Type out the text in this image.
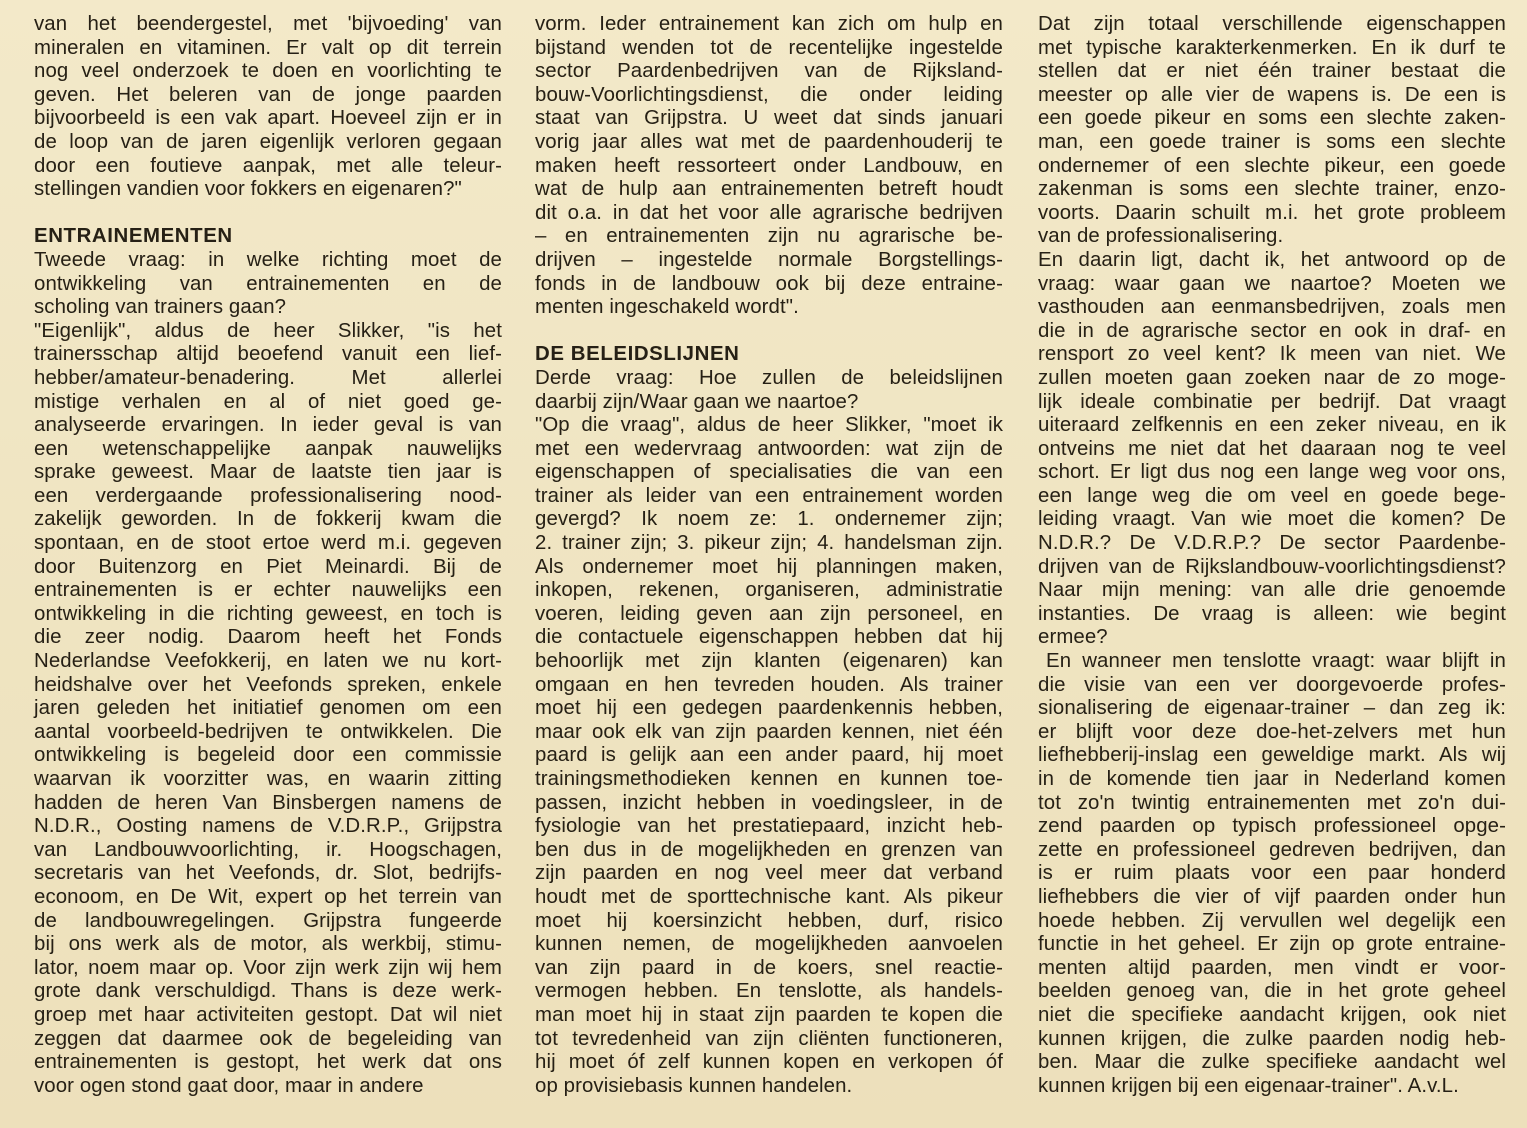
van het beendergestel, met 'bijvoeding' van
mineralen en vitaminen. Er valt op dit terrein
nog veel onderzoek te doen en voorlichting te
geven. Het beleren van de jonge paarden
bijvoorbeeld is een vak apart. Hoeveel zijn er in
de loop van de jaren eigenlijk verloren gegaan
door een foutieve aanpak, met alle teleur-
stellingen vandien voor fokkers en eigenaren?"
ENTRAINEMENTEN
Tweede vraag: in welke richting moet de
ontwikkeling van entrainementen en de
scholing van trainers gaan?
"Eigenlijk", aldus de heer Slikker, "is het
trainersschap altijd beoefend vanuit een lief-
hebber/amateur-benadering. Met allerlei
mistige verhalen en al of niet goed ge-
analyseerde ervaringen. In ieder geval is van
een wetenschappelijke aanpak nauwelijks
sprake geweest. Maar de laatste tien jaar is
een verdergaande professionalisering nood-
zakelijk geworden. In de fokkerij kwam die
spontaan, en de stoot ertoe werd m.i. gegeven
door Buitenzorg en Piet Meinardi. Bij de
entrainementen is er echter nauwelijks een
ontwikkeling in die richting geweest, en toch is
die zeer nodig. Daarom heeft het Fonds
Nederlandse Veefokkerij, en laten we nu kort-
heidshalve over het Veefonds spreken, enkele
jaren geleden het initiatief genomen om een
aantal voorbeeld-bedrijven te ontwikkelen. Die
ontwikkeling is begeleid door een commissie
waarvan ik voorzitter was, en waarin zitting
hadden de heren Van Binsbergen namens de
N.D.R., Oosting namens de V.D.R.P., Grijpstra
van Landbouwvoorlichting, ir. Hoogschagen,
secretaris van het Veefonds, dr. Slot, bedrijfs-
econoom, en De Wit, expert op het terrein van
de landbouwregelingen. Grijpstra fungeerde
bij ons werk als de motor, als werkbij, stimu-
lator, noem maar op. Voor zijn werk zijn wij hem
grote dank verschuldigd. Thans is deze werk-
groep met haar activiteiten gestopt. Dat wil niet
zeggen dat daarmee ook de begeleiding van
entrainementen is gestopt, het werk dat ons
voor ogen stond gaat door, maar in andere
vorm. Ieder entrainement kan zich om hulp en
bijstand wenden tot de recentelijke ingestelde
sector Paardenbedrijven van de Rijksland-
bouw-Voorlichtingsdienst, die onder leiding
staat van Grijpstra. U weet dat sinds januari
vorig jaar alles wat met de paardenhouderij te
maken heeft ressorteert onder Landbouw, en
wat de hulp aan entrainementen betreft houdt
dit o.a. in dat het voor alle agrarische bedrijven
– en entrainementen zijn nu agrarische be-
drijven – ingestelde normale Borgstellings-
fonds in de landbouw ook bij deze entraine-
menten ingeschakeld wordt".
DE BELEIDSLIJNEN
Derde vraag: Hoe zullen de beleidslijnen
daarbij zijn/Waar gaan we naartoe?
"Op die vraag", aldus de heer Slikker, "moet ik
met een wedervraag antwoorden: wat zijn de
eigenschappen of specialisaties die van een
trainer als leider van een entrainement worden
gevergd? Ik noem ze: 1. ondernemer zijn;
2. trainer zijn; 3. pikeur zijn; 4. handelsman zijn.
Als ondernemer moet hij planningen maken,
inkopen, rekenen, organiseren, administratie
voeren, leiding geven aan zijn personeel, en
die contactuele eigenschappen hebben dat hij
behoorlijk met zijn klanten (eigenaren) kan
omgaan en hen tevreden houden. Als trainer
moet hij een gedegen paardenkennis hebben,
maar ook elk van zijn paarden kennen, niet één
paard is gelijk aan een ander paard, hij moet
trainingsmethodieken kennen en kunnen toe-
passen, inzicht hebben in voedingsleer, in de
fysiologie van het prestatiepaard, inzicht heb-
ben dus in de mogelijkheden en grenzen van
zijn paarden en nog veel meer dat verband
houdt met de sporttechnische kant. Als pikeur
moet hij koersinzicht hebben, durf, risico
kunnen nemen, de mogelijkheden aanvoelen
van zijn paard in de koers, snel reactie-
vermogen hebben. En tenslotte, als handels-
man moet hij in staat zijn paarden te kopen die
tot tevredenheid van zijn cliënten functioneren,
hij moet óf zelf kunnen kopen en verkopen óf
op provisiebasis kunnen handelen.
Dat zijn totaal verschillende eigenschappen
met typische karakterkenmerken. En ik durf te
stellen dat er niet één trainer bestaat die
meester op alle vier de wapens is. De een is
een goede pikeur en soms een slechte zaken-
man, een goede trainer is soms een slechte
ondernemer of een slechte pikeur, een goede
zakenman is soms een slechte trainer, enzo-
voorts. Daarin schuilt m.i. het grote probleem
van de professionalisering.
En daarin ligt, dacht ik, het antwoord op de
vraag: waar gaan we naartoe? Moeten we
vasthouden aan eenmansbedrijven, zoals men
die in de agrarische sector en ook in draf- en
rensport zo veel kent? Ik meen van niet. We
zullen moeten gaan zoeken naar de zo moge-
lijk ideale combinatie per bedrijf. Dat vraagt
uiteraard zelfkennis en een zeker niveau, en ik
ontveins me niet dat het daaraan nog te veel
schort. Er ligt dus nog een lange weg voor ons,
een lange weg die om veel en goede bege-
leiding vraagt. Van wie moet die komen? De
N.D.R.? De V.D.R.P.? De sector Paardenbe-
drijven van de Rijkslandbouw-voorlichtingsdienst?
Naar mijn mening: van alle drie genoemde
instanties. De vraag is alleen: wie begint
ermee?
En wanneer men tenslotte vraagt: waar blijft in
die visie van een ver doorgevoerde profes-
sionalisering de eigenaar-trainer – dan zeg ik:
er blijft voor deze doe-het-zelvers met hun
liefhebberij-inslag een geweldige markt. Als wij
in de komende tien jaar in Nederland komen
tot zo'n twintig entrainementen met zo'n dui-
zend paarden op typisch professioneel opge-
zette en professioneel gedreven bedrijven, dan
is er ruim plaats voor een paar honderd
liefhebbers die vier of vijf paarden onder hun
hoede hebben. Zij vervullen wel degelijk een
functie in het geheel. Er zijn op grote entraine-
menten altijd paarden, men vindt er voor-
beelden genoeg van, die in het grote geheel
niet die specifieke aandacht krijgen, ook niet
kunnen krijgen, die zulke paarden nodig heb-
ben. Maar die zulke specifieke aandacht wel
kunnen krijgen bij een eigenaar-trainer". A.v.L.
